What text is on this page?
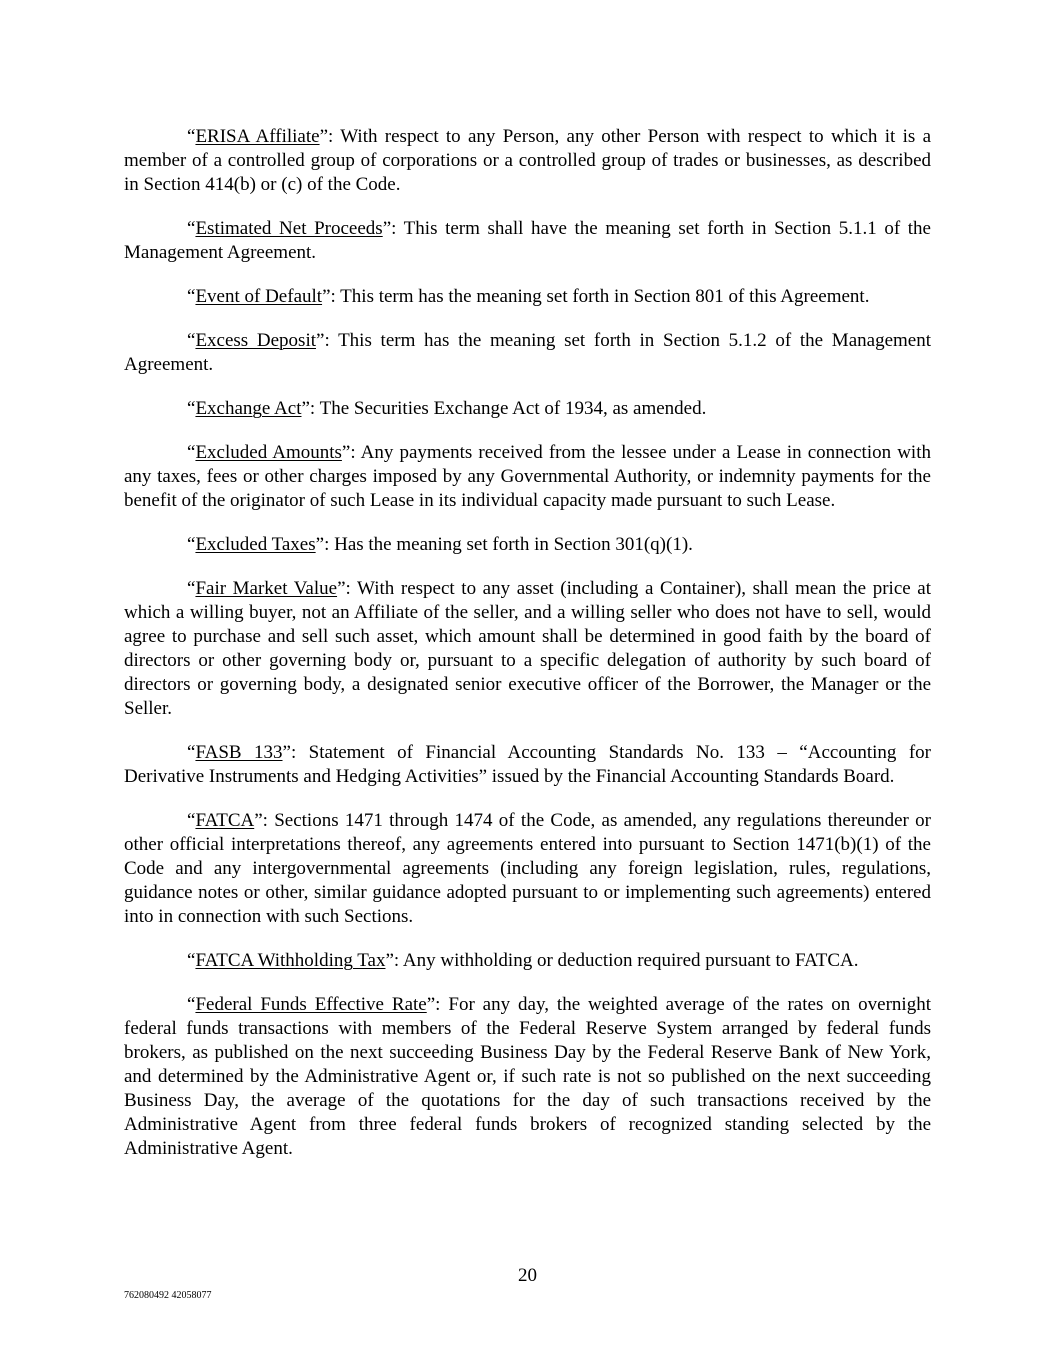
“ERISA Affiliate”: With respect to any Person, any other Person with respect to which it is a member of a controlled group of corporations or a controlled group of trades or businesses, as described in Section 414(b) or (c) of the Code.

“Estimated Net Proceeds”: This term shall have the meaning set forth in Section 5.1.1 of the Management Agreement.

“Event of Default”: This term has the meaning set forth in Section 801 of this Agreement.

“Excess Deposit”: This term has the meaning set forth in Section 5.1.2 of the Management Agreement.

“Exchange Act”: The Securities Exchange Act of 1934, as amended.

“Excluded Amounts”: Any payments received from the lessee under a Lease in connection with any taxes, fees or other charges imposed by any Governmental Authority, or indemnity payments for the benefit of the originator of such Lease in its individual capacity made pursuant to such Lease.

“Excluded Taxes”: Has the meaning set forth in Section 301(q)(1).

“Fair Market Value”: With respect to any asset (including a Container), shall mean the price at which a willing buyer, not an Affiliate of the seller, and a willing seller who does not have to sell, would agree to purchase and sell such asset, which amount shall be determined in good faith by the board of directors or other governing body or, pursuant to a specific delegation of authority by such board of directors or governing body, a designated senior executive officer of the Borrower, the Manager or the Seller.

“FASB 133”: Statement of Financial Accounting Standards No. 133 – “Accounting for Derivative Instruments and Hedging Activities” issued by the Financial Accounting Standards Board.

“FATCA”: Sections 1471 through 1474 of the Code, as amended, any regulations thereunder or other official interpretations thereof, any agreements entered into pursuant to Section 1471(b)(1) of the Code and any intergovernmental agreements (including any foreign legislation, rules, regulations, guidance notes or other, similar guidance adopted pursuant to or implementing such agreements) entered into in connection with such Sections.

“FATCA Withholding Tax”: Any withholding or deduction required pursuant to FATCA.

“Federal Funds Effective Rate”: For any day, the weighted average of the rates on overnight federal funds transactions with members of the Federal Reserve System arranged by federal funds brokers, as published on the next succeeding Business Day by the Federal Reserve Bank of New York, and determined by the Administrative Agent or, if such rate is not so published on the next succeeding Business Day, the average of the quotations for the day of such transactions received by the Administrative Agent from three federal funds brokers of recognized standing selected by the Administrative Agent.

20
762080492 42058077
